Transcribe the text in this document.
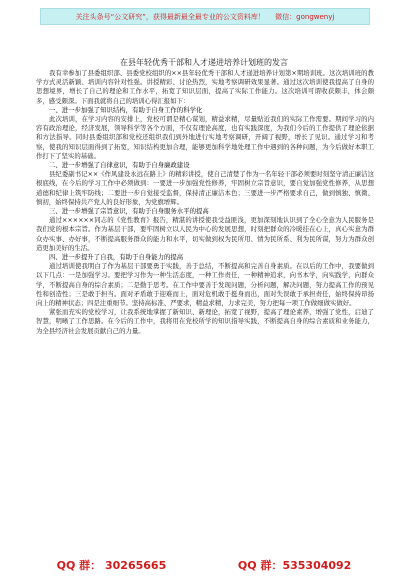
关注头条号“公文研究”，获得最新最全最专业的公文资料库！
微信：gongwenyj
在县年轻优秀干部和人才递进培养计划班的发言

我有幸参加了县委组织部、县委党校组织的××县年轻优秀干部和人才递进培养计划第×期培训班。这次培训班的教学方式灵活新颖、培训内容针对性强。讲授精彩、讨论热烈，实地考察调研效果显著。通过这次培训使我提高了自身的思想境界，增长了自己的理论和工作水平，拓宽了知识层面，提高了实际工作能力。这次培训可谓收获颇丰，体会颇多，感受颇深。下面我就将自己的培训心得汇报如下：

一、进一步加强了知识结构，有助于自身工作的科学化

此次培训，在学习内容的安排上，党校可谓是精心谋划，精益求精，尽量贴近我们的实际工作需要。期间学习的内容有政治理论，经济发展，领导科学等各个方面，不仅有理论高度，也有实践深度，为我们今后的工作提供了理论依据和方法指导。同时县委组织部和党校还组织我们到外地进行实地考察调研，开阔了视野，增长了见识。通过学习和考察，使我的知识层面得到了拓宽，知识结构更加合理，能够更加科学地处理工作中遇到的各种问题，为今后做好本职工作打下了坚实的基础。

二、进一步增强了自律意识，有助于自身廉政建设

县纪委副书记××《作风建设永远在路上》的精彩讲授，使自己清楚了作为一名年轻干部必须要时刻坚守清正廉洁这根底线，在今后的学习工作中必须做到：一要进一步加强党性修养，牢固树立宗旨意识，要自觉加强党性修养，从思想道德和纪律上筑牢防线；二要进一步自觉接受监督，保持清正廉洁本色；三要进一步严格要求自己，做到慎独、慎微、慎初，始终保持共产党人的良好形象，为党旗增辉。

三、进一步增强了宗旨意识，有助于自身服务水平的提高

通过××××××同志的《党性教育》报告，精湛的讲授使我受益匪浅，更加深刻地认识到了全心全意为人民服务是我们党的根本宗旨。作为基层干部，要牢固树立以人民为中心的发展思想，时刻把群众的冷暖挂在心上，真心实意为群众办实事、办好事，不断提高服务群众的能力和水平，切实做到权为民所用、情为民所系、利为民所谋，努力为群众创造更加美好的生活。

四、进一步提升了自我，有助于自身能力的提高

通过培训使我明白了作为基层干部要勇于实践，善于总结，不断提高和完善自身素质。在以后的工作中，我要做到以下几点：一是加强学习。要把学习作为一种生活态度，一种工作责任，一种精神追求，向书本学，向实践学，向群众学，不断提高自身的综合素质；二是勤于思考。在工作中要善于发现问题，分析问题，解决问题，努力提高工作的预见性和创造性；三是敢于担当。面对矛盾敢于迎难而上，面对危机敢于挺身而出，面对失误敢于承担责任，始终保持昂扬向上的精神状态；四是注重细节。坚持高标准、严要求，精益求精，力求完美，努力把每一项工作做细做实做好。

紧张而充实的党校学习，让我系统地掌握了新知识、新理论，拓宽了视野，提高了理论素养，增强了党性，启迪了智慧，明晰了工作思路。在今后的工作中，我将用在党校所学的知识指导实践，不断提高自身的综合素质和业务能力，为全县经济社会发展贡献自己的力量。

QQ 群： 30265665	QQ 群：535304092
